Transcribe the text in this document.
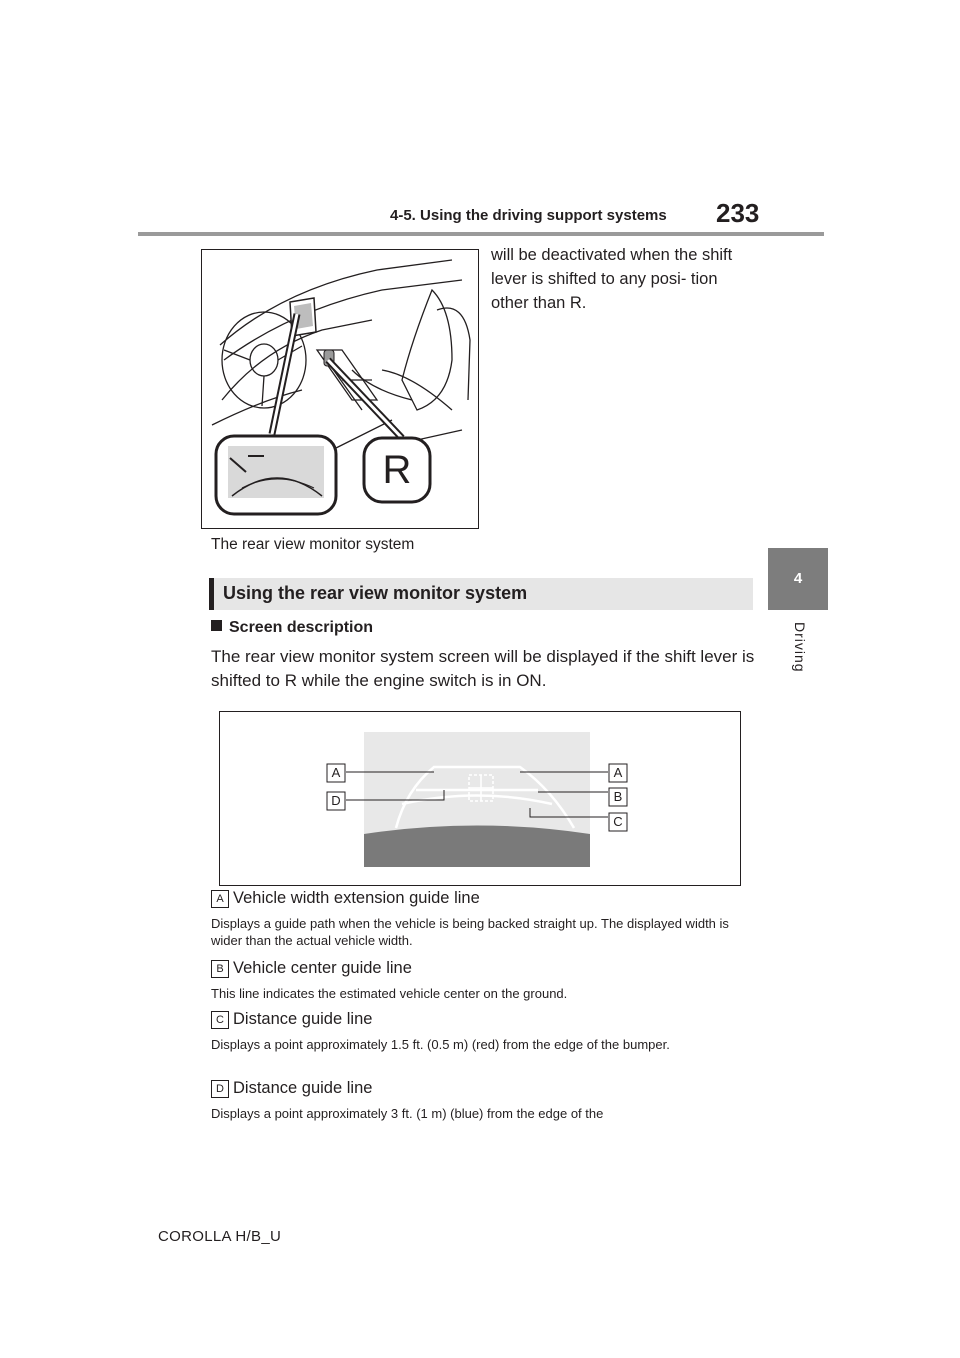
4-5. Using the driving support systems 233
4
Driving
R
The rear view monitor system
will be deactivated when the shift lever is shifted to any posi- tion other than R.
Using the rear view monitor system
Screen description
The rear view monitor system screen will be displayed if the shift lever is shifted to R while the engine switch is in ON.
A	A
D	B
C
A Vehicle width extension guide line
Displays a guide path when the vehicle is being backed straight up. The displayed width is wider than the actual vehicle width.
B Vehicle center guide line
This line indicates the estimated vehicle center on the ground.
C Distance guide line
Displays a point approximately 1.5 ft. (0.5 m) (red) from the edge of the bumper.
D Distance guide line
Displays a point approximately 3 ft. (1 m) (blue) from the edge of the
COROLLA H/B_U
